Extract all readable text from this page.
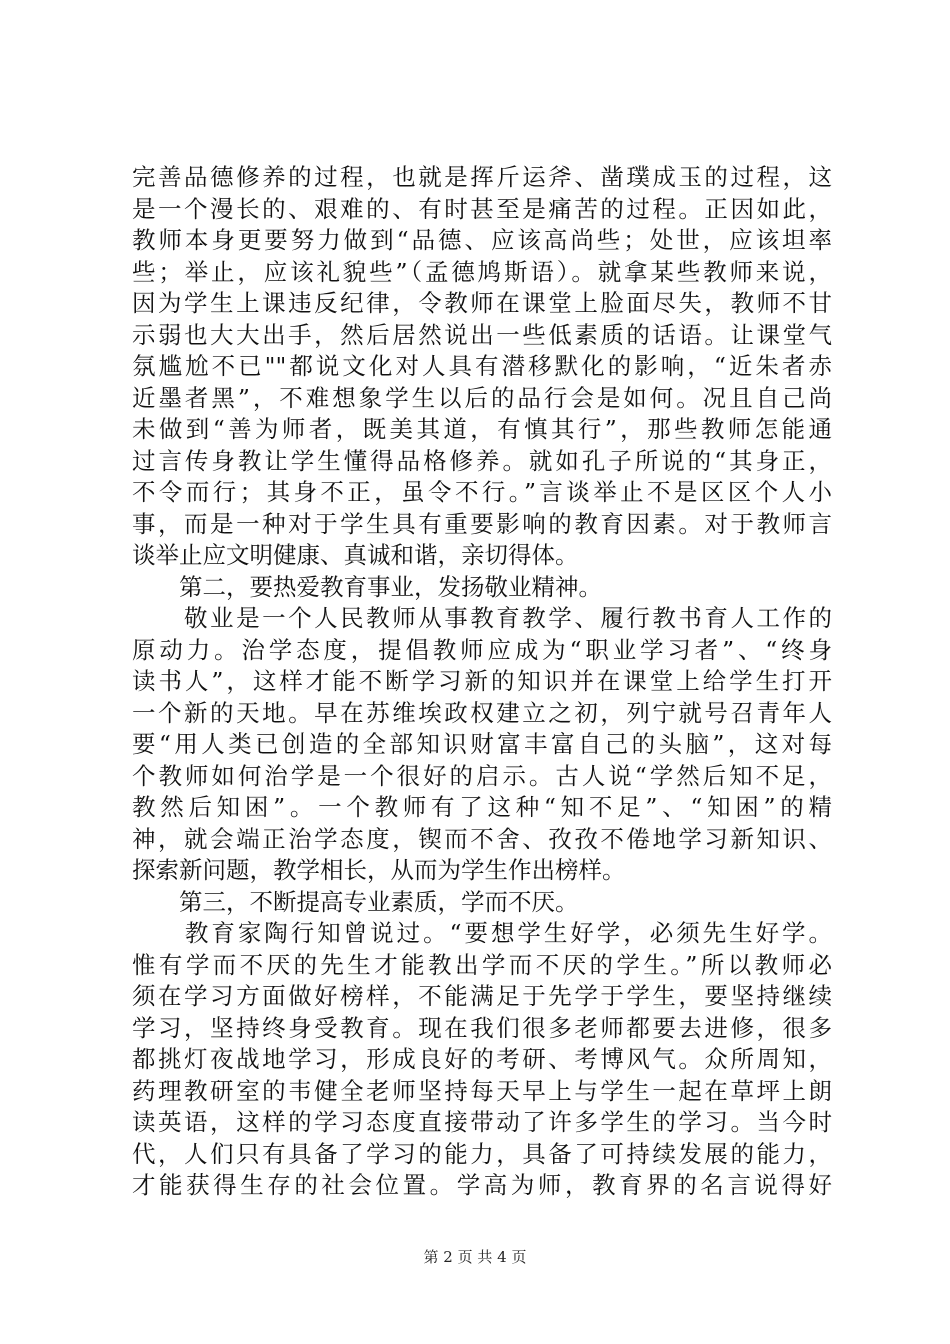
完善品德修养的过程，也就是挥斤运斧、凿璞成玉的过程，这
是一个漫长的、艰难的、有时甚至是痛苦的过程。正因如此，
教师本身更要努力做到“品德、应该高尚些；处世，应该坦率
些；举止，应该礼貌些”（孟德鸠斯语）。就拿某些教师来说，
因为学生上课违反纪律，令教师在课堂上脸面尽失，教师不甘
示弱也大大出手，然后居然说出一些低素质的话语。让课堂气
氛尴尬不已""都说文化对人具有潜移默化的影响，“近朱者赤
近墨者黑”，不难想象学生以后的品行会是如何。况且自己尚
未做到“善为师者，既美其道，有慎其行”，那些教师怎能通
过言传身教让学生懂得品格修养。就如孔子所说的“其身正，
不令而行；其身不正，虽令不行。”言谈举止不是区区个人小
事，而是一种对于学生具有重要影响的教育因素。对于教师言
谈举止应文明健康、真诚和谐，亲切得体。
　　第二，要热爱教育事业，发扬敬业精神。
　　敬业是一个人民教师从事教育教学、履行教书育人工作的
原动力。治学态度，提倡教师应成为“职业学习者”、“终身
读书人”，这样才能不断学习新的知识并在课堂上给学生打开
一个新的天地。早在苏维埃政权建立之初，列宁就号召青年人
要“用人类已创造的全部知识财富丰富自己的头脑”，这对每
个教师如何治学是一个很好的启示。古人说“学然后知不足，
教然后知困”。一个教师有了这种“知不足”、“知困”的精
神，就会端正治学态度，锲而不舍、孜孜不倦地学习新知识、
探索新问题，教学相长，从而为学生作出榜样。
　　第三，不断提高专业素质，学而不厌。
　　教育家陶行知曾说过。“要想学生好学，必须先生好学。
惟有学而不厌的先生才能教出学而不厌的学生。”所以教师必
须在学习方面做好榜样，不能满足于先学于学生，要坚持继续
学习，坚持终身受教育。现在我们很多老师都要去进修，很多
都挑灯夜战地学习，形成良好的考研、考博风气。众所周知，
药理教研室的韦健全老师坚持每天早上与学生一起在草坪上朗
读英语，这样的学习态度直接带动了许多学生的学习。当今时
代，人们只有具备了学习的能力，具备了可持续发展的能力，
才能获得生存的社会位置。学高为师，教育界的名言说得好
第 2 页 共 4 页
